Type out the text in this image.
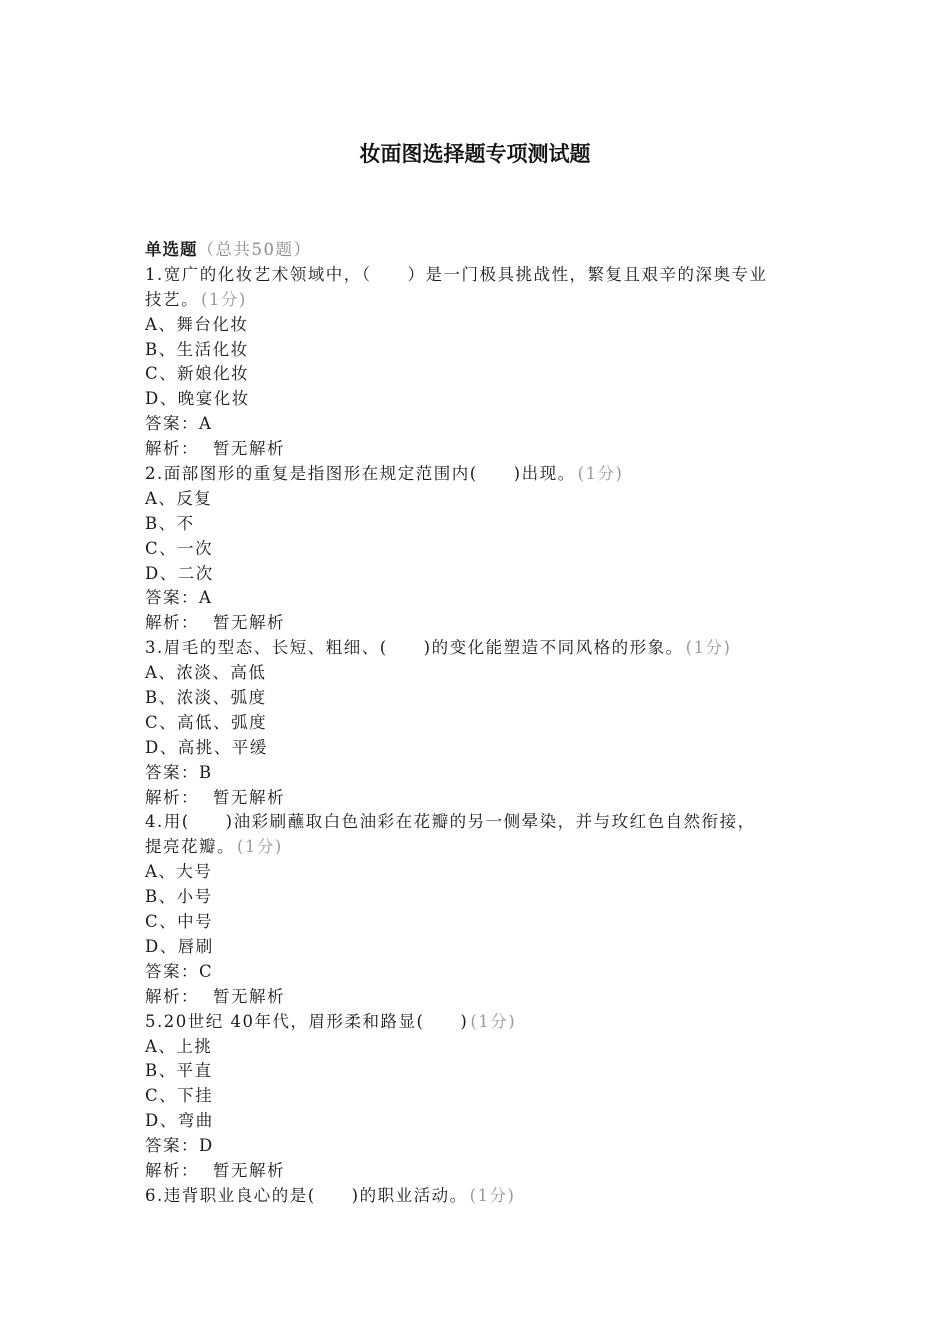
妆面图选择题专项测试题
单选题（总共50题）
1.宽广的化妆艺术领域中，（　　）是一门极具挑战性，繁复且艰辛的深奥专业
技艺。 (1分)
A、舞台化妆
B、生活化妆
C、新娘化妆
D、晚宴化妆
答案：A
解析： 暂无解析
2.面部图形的重复是指图形在规定范围内(　　)出现。 (1分)
A、反复
B、不
C、一次
D、二次
答案：A
解析： 暂无解析
3.眉毛的型态、长短、粗细、(　　)的变化能塑造不同风格的形象。 (1分)
A、浓淡、高低
B、浓淡、弧度
C、高低、弧度
D、高挑、平缓
答案：B
解析： 暂无解析
4.用(　　)油彩刷蘸取白色油彩在花瓣的另一侧晕染，并与玫红色自然衔接，
提亮花瓣。 (1分)
A、大号
B、小号
C、中号
D、唇刷
答案：C
解析： 暂无解析
5.20世纪 40年代，眉形柔和路显(　　) (1分)
A、上挑
B、平直
C、下挂
D、弯曲
答案：D
解析： 暂无解析
6.违背职业良心的是(　　)的职业活动。 (1分)
